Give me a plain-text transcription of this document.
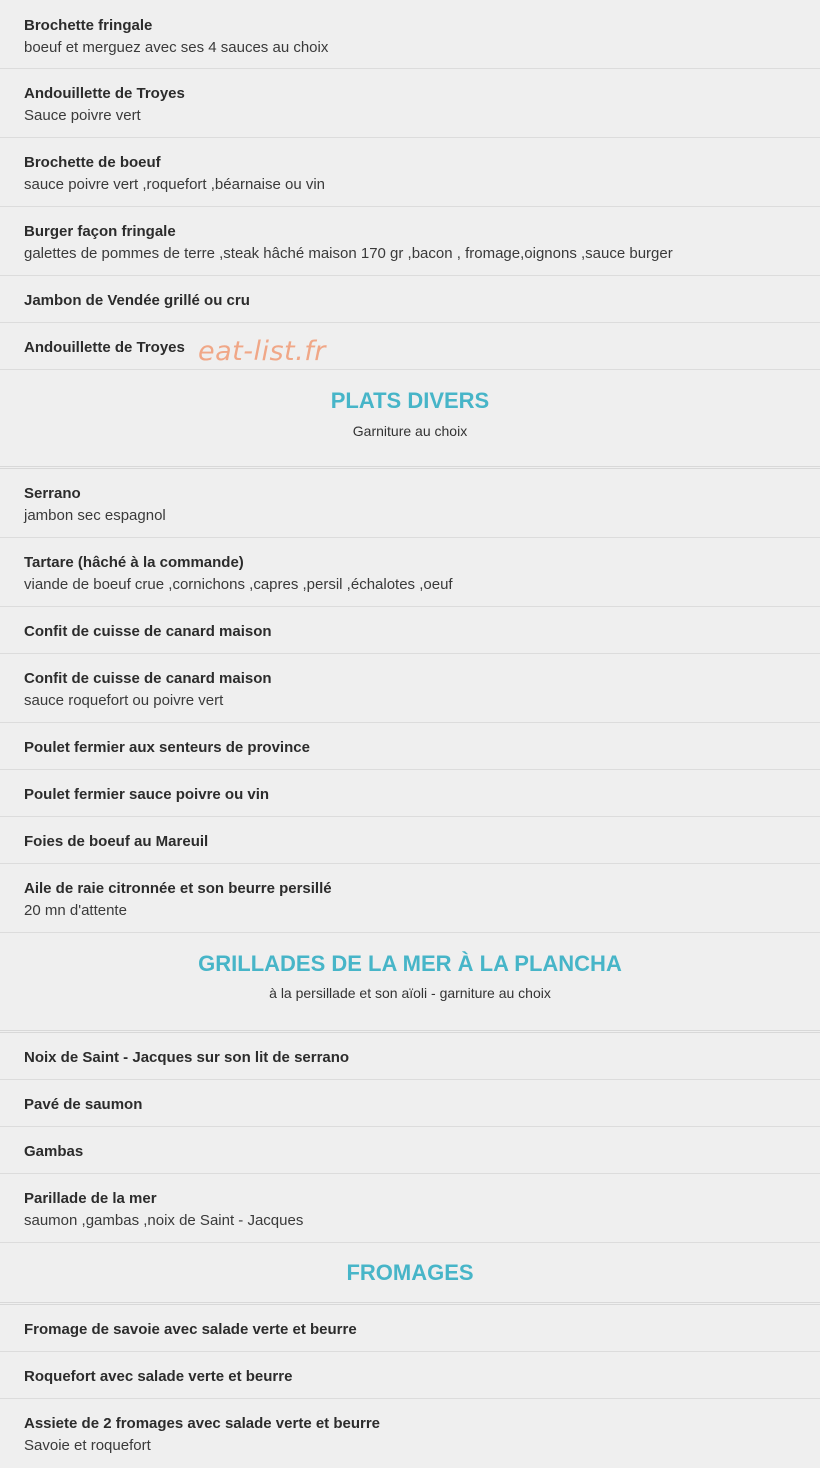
Brochette fringale
boeuf et merguez avec ses 4 sauces au choix
Andouillette de Troyes
Sauce poivre vert
Brochette de boeuf
sauce poivre vert ,roquefort ,béarnaise ou vin
Burger façon fringale
galettes de pommes de terre ,steak hâché maison 170 gr ,bacon , fromage,oignons ,sauce burger
Jambon de Vendée grillé ou cru
Andouillette de Troyes
PLATS DIVERS
Garniture au choix
Serrano
jambon sec espagnol
Tartare (hâché à la commande)
viande de boeuf crue ,cornichons ,capres ,persil ,échalotes ,oeuf
Confit de cuisse de canard maison
Confit de cuisse de canard maison
sauce roquefort ou poivre vert
Poulet fermier aux senteurs de province
Poulet fermier sauce poivre ou vin
Foies de boeuf au Mareuil
Aile de raie citronnée et son beurre persillé
20 mn d'attente
GRILLADES DE LA MER À LA PLANCHA
à la persillade et son aïoli - garniture au choix
Noix de Saint - Jacques sur son lit de serrano
Pavé de saumon
Gambas
Parillade de la mer
saumon ,gambas ,noix de Saint - Jacques
FROMAGES
Fromage de savoie avec salade verte et beurre
Roquefort avec salade verte et beurre
Assiete de 2 fromages avec salade verte et beurre
Savoie et roquefort
eat-list.fr
